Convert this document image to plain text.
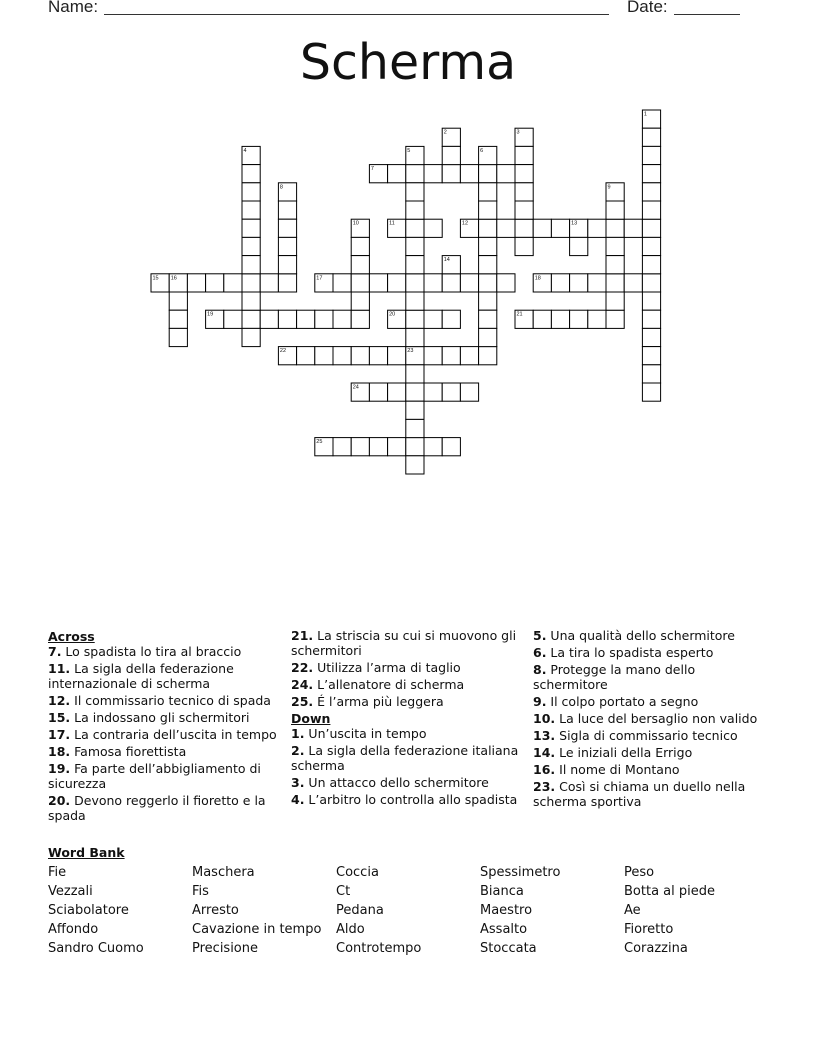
Name:	Date:
Scherma
1
2	3
4	5	6
7
8	9
10	11	12	13
14
15 16	17	18
19	20	21
22	23
24
25
Across
7. Lo spadista lo tira al braccio
11. La sigla della federazione internazionale di scherma
12. Il commissario tecnico di spada
15. La indossano gli schermitori
17. La contraria dell’uscita in tempo
18. Famosa fiorettista
19. Fa parte dell’abbigliamento di sicurezza
20. Devono reggerlo il fioretto e la spada
21. La striscia su cui si muovono gli schermitori
22. Utilizza l’arma di taglio
24. L’allenatore di scherma
25. É l’arma più leggera
Down
1. Un’uscita in tempo
2. La sigla della federazione italiana scherma
3. Un attacco dello schermitore
4. L’arbitro lo controlla allo spadista
5. Una qualità dello schermitore
6. La tira lo spadista esperto
8. Protegge la mano dello schermitore
9. Il colpo portato a segno
10. La luce del bersaglio non valido
13. Sigla di commissario tecnico
14. Le iniziali della Errigo
16. Il nome di Montano
23. Così si chiama un duello nella scherma sportiva
Word Bank
Fie	Maschera	Coccia	Spessimetro	Peso
Vezzali	Fis	Ct	Bianca	Botta al piede
Sciabolatore	Arresto	Pedana	Maestro	Ae
Affondo	Cavazione in tempo	Aldo	Assalto	Fioretto
Sandro Cuomo	Precisione	Controtempo	Stoccata	Corazzina
